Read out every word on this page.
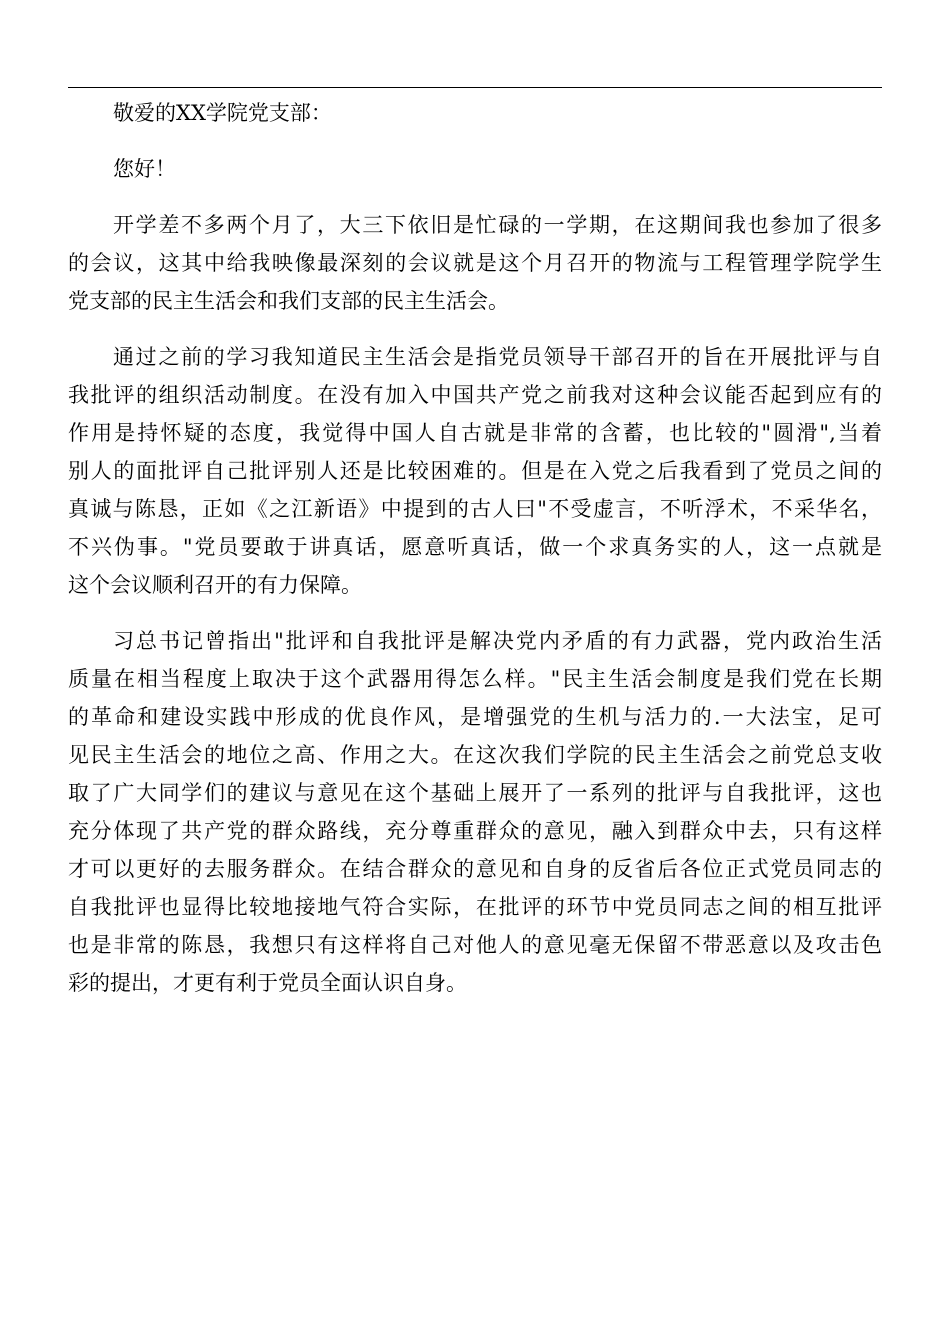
敬爱的XX学院党支部：
您好！
开学差不多两个月了，大三下依旧是忙碌的一学期，在这期间我也参加了很多
的会议，这其中给我映像最深刻的会议就是这个月召开的物流与工程管理学院学生
党支部的民主生活会和我们支部的民主生活会。
通过之前的学习我知道民主生活会是指党员领导干部召开的旨在开展批评与自
我批评的组织活动制度。在没有加入中国共产党之前我对这种会议能否起到应有的
作用是持怀疑的态度，我觉得中国人自古就是非常的含蓄，也比较的"圆滑",当着
别人的面批评自己批评别人还是比较困难的。但是在入党之后我看到了党员之间的
真诚与陈恳，正如《之江新语》中提到的古人曰"不受虚言，不听浮术，不采华名，
不兴伪事。"党员要敢于讲真话，愿意听真话，做一个求真务实的人，这一点就是
这个会议顺利召开的有力保障。
习总书记曾指出"批评和自我批评是解决党内矛盾的有力武器，党内政治生活
质量在相当程度上取决于这个武器用得怎么样。"民主生活会制度是我们党在长期
的革命和建设实践中形成的优良作风，是增强党的生机与活力的.一大法宝，足可
见民主生活会的地位之高、作用之大。在这次我们学院的民主生活会之前党总支收
取了广大同学们的建议与意见在这个基础上展开了一系列的批评与自我批评，这也
充分体现了共产党的群众路线，充分尊重群众的意见，融入到群众中去，只有这样
才可以更好的去服务群众。在结合群众的意见和自身的反省后各位正式党员同志的
自我批评也显得比较地接地气符合实际，在批评的环节中党员同志之间的相互批评
也是非常的陈恳，我想只有这样将自己对他人的意见毫无保留不带恶意以及攻击色
彩的提出，才更有利于党员全面认识自身。
